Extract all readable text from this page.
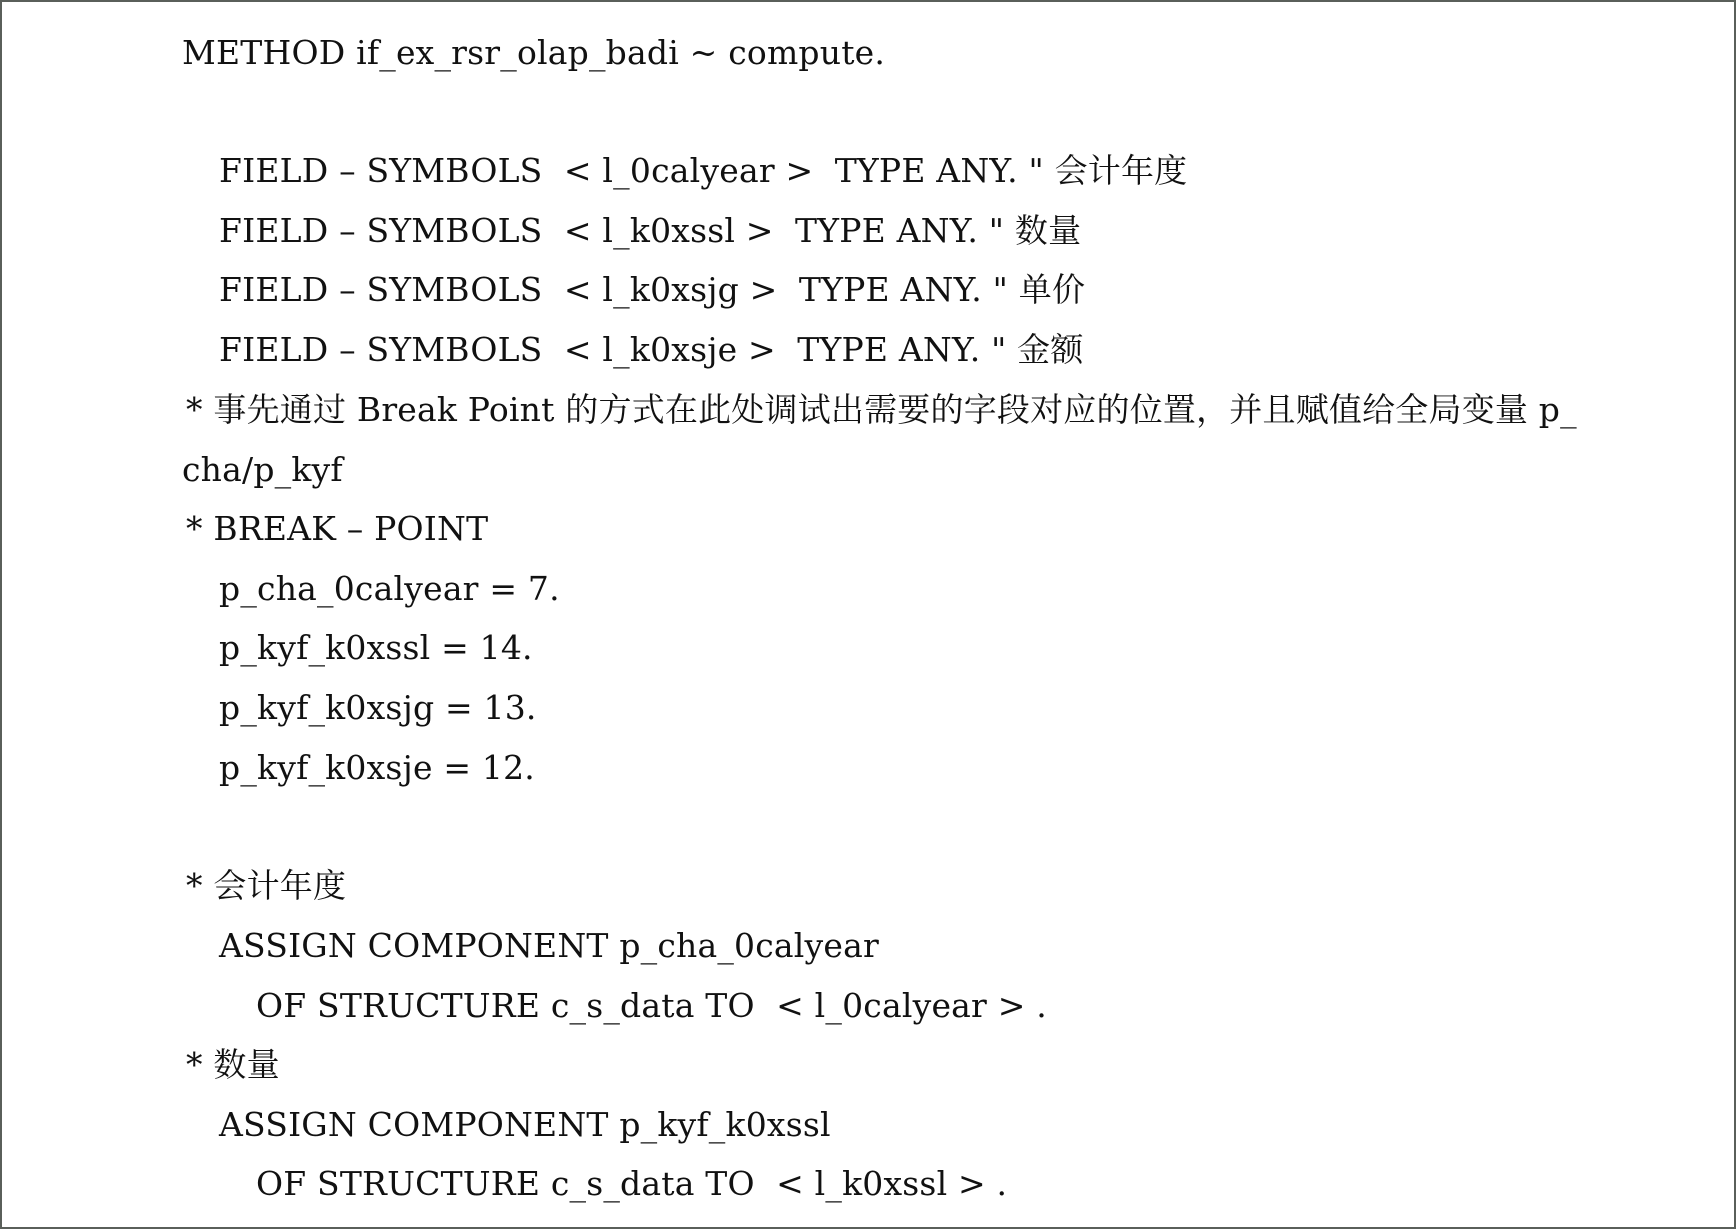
METHOD if_ex_rsr_olap_badi ~ compute.
FIELD – SYMBOLS  < l_0calyear >  TYPE ANY. " 会计年度
FIELD – SYMBOLS  < l_k0xssl >  TYPE ANY. " 数量
FIELD – SYMBOLS  < l_k0xsjg >  TYPE ANY. " 单价
FIELD – SYMBOLS  < l_k0xsje >  TYPE ANY. " 金额
* 事先通过 Break Point 的方式在此处调试出需要的字段对应的位置，并且赋值给全局变量 p_
cha/p_kyf
* BREAK – POINT
p_cha_0calyear = 7.
p_kyf_k0xssl = 14.
p_kyf_k0xsjg = 13.
p_kyf_k0xsje = 12.
* 会计年度
ASSIGN COMPONENT p_cha_0calyear
OF STRUCTURE c_s_data TO  < l_0calyear > .
* 数量
ASSIGN COMPONENT p_kyf_k0xssl
OF STRUCTURE c_s_data TO  < l_k0xssl > .
